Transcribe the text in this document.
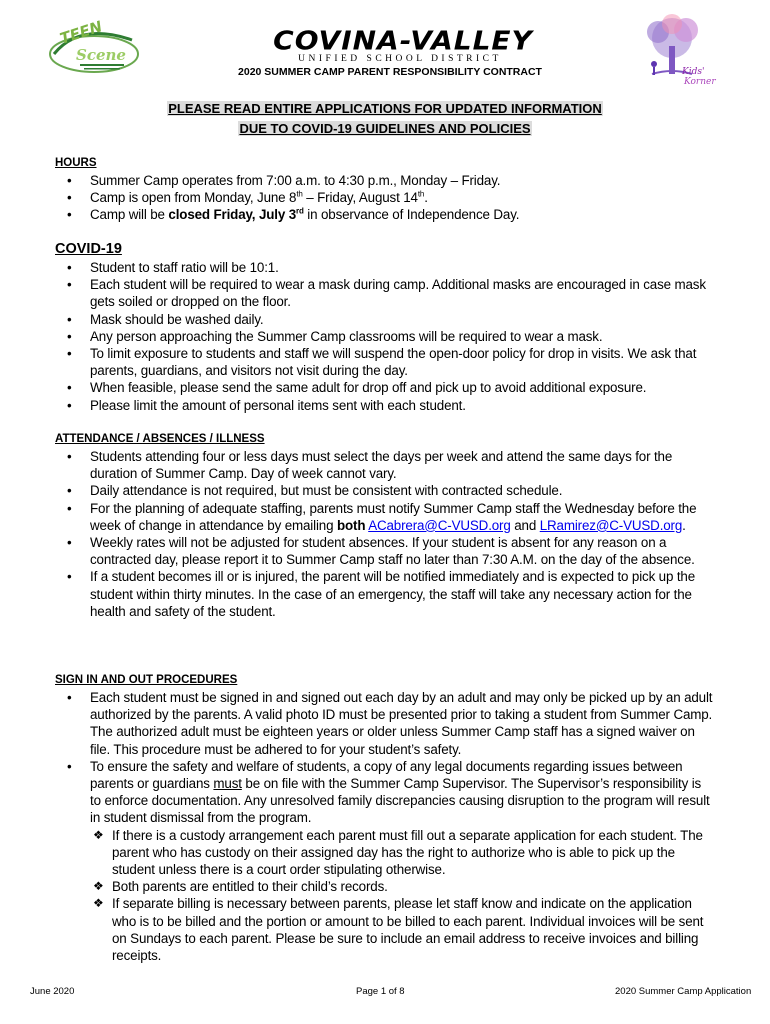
TEEN
Scene	COVINA-VALLEY
UNIFIED SCHOOL DISTRICT
2020 SUMMER CAMP PARENT RESPONSIBILITY CONTRACT	Kids'
Korner
PLEASE READ ENTIRE APPLICATIONS FOR UPDATED INFORMATION
DUE TO COVID-19 GUIDELINES AND POLICIES
HOURS
• Summer Camp operates from 7:00 a.m. to 4:30 p.m., Monday – Friday.
• Camp is open from Monday, June 8th – Friday, August 14th.
• Camp will be closed Friday, July 3rd in observance of Independence Day.
COVID-19
• Student to staff ratio will be 10:1.
• Each student will be required to wear a mask during camp. Additional masks are encouraged in case mask gets soiled or dropped on the floor.
• Mask should be washed daily.
• Any person approaching the Summer Camp classrooms will be required to wear a mask.
• To limit exposure to students and staff we will suspend the open-door policy for drop in visits. We ask that parents, guardians, and visitors not visit during the day.
• When feasible, please send the same adult for drop off and pick up to avoid additional exposure.
• Please limit the amount of personal items sent with each student.
ATTENDANCE / ABSENCES / ILLNESS
• Students attending four or less days must select the days per week and attend the same days for the duration of Summer Camp. Day of week cannot vary.
• Daily attendance is not required, but must be consistent with contracted schedule.
• For the planning of adequate staffing, parents must notify Summer Camp staff the Wednesday before the week of change in attendance by emailing both ACabrera@C-VUSD.org and LRamirez@C-VUSD.org.
• Weekly rates will not be adjusted for student absences. If your student is absent for any reason on a contracted day, please report it to Summer Camp staff no later than 7:30 A.M. on the day of the absence.
• If a student becomes ill or is injured, the parent will be notified immediately and is expected to pick up the student within thirty minutes. In the case of an emergency, the staff will take any necessary action for the health and safety of the student.
SIGN IN AND OUT PROCEDURES
• Each student must be signed in and signed out each day by an adult and may only be picked up by an adult authorized by the parents. A valid photo ID must be presented prior to taking a student from Summer Camp. The authorized adult must be eighteen years or older unless Summer Camp staff has a signed waiver on file. This procedure must be adhered to for your student’s safety.
• To ensure the safety and welfare of students, a copy of any legal documents regarding issues between parents or guardians must be on file with the Summer Camp Supervisor. The Supervisor’s responsibility is to enforce documentation. Any unresolved family discrepancies causing disruption to the program will result in student dismissal from the program.
❖ If there is a custody arrangement each parent must fill out a separate application for each student. The parent who has custody on their assigned day has the right to authorize who is able to pick up the student unless there is a court order stipulating otherwise.
❖ Both parents are entitled to their child’s records.
❖ If separate billing is necessary between parents, please let staff know and indicate on the application who is to be billed and the portion or amount to be billed to each parent. Individual invoices will be sent on Sundays to each parent. Please be sure to include an email address to receive invoices and billing receipts.
June 2020	Page 1 of 8	2020 Summer Camp Application
